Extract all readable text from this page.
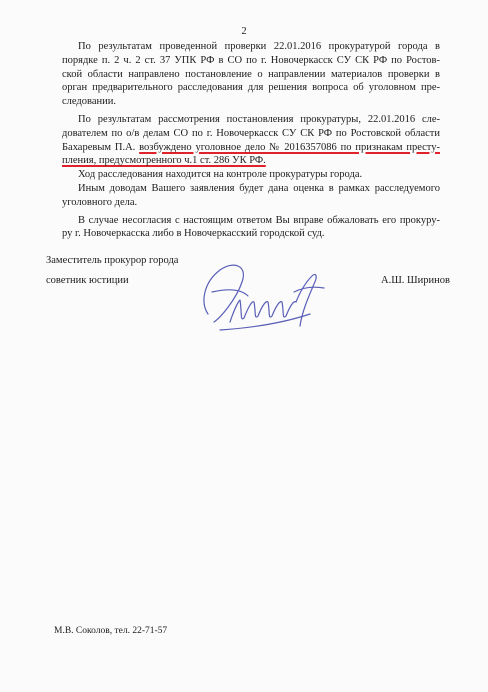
2

По результатам проведенной проверки 22.01.2016 прокуратурой города в

порядке п. 2 ч. 2 ст. 37 УПК РФ в СО по г. Новочеркасск СУ СК РФ по Ростов-

ской области направлено постановление о направлении материалов проверки в

орган предварительного расследования для решения вопроса об уголовном пре-

следовании.

По результатам рассмотрения постановления прокуратуры, 22.01.2016 сле-

дователем по о/в делам СО по г. Новочеркасск СУ СК РФ по Ростовской области

Бахаревым П.А. возбуждено уголовное дело № 2016357086 по признакам престу-

пления, предусмотренного ч.1 ст. 286 УК РФ.

Ход расследования находится на контроле прокуратуры города.

Иным доводам Вашего заявления будет дана оценка в рамках расследуемого

уголовного дела.

В случае несогласия с настоящим ответом Вы вправе обжаловать его прокуру-

ру г. Новочеркасска либо в Новочеркасский городской суд.

Заместитель прокурор города
советник юстиции	А.Ш. Ширинов
М.В. Соколов, тел. 22-71-57
